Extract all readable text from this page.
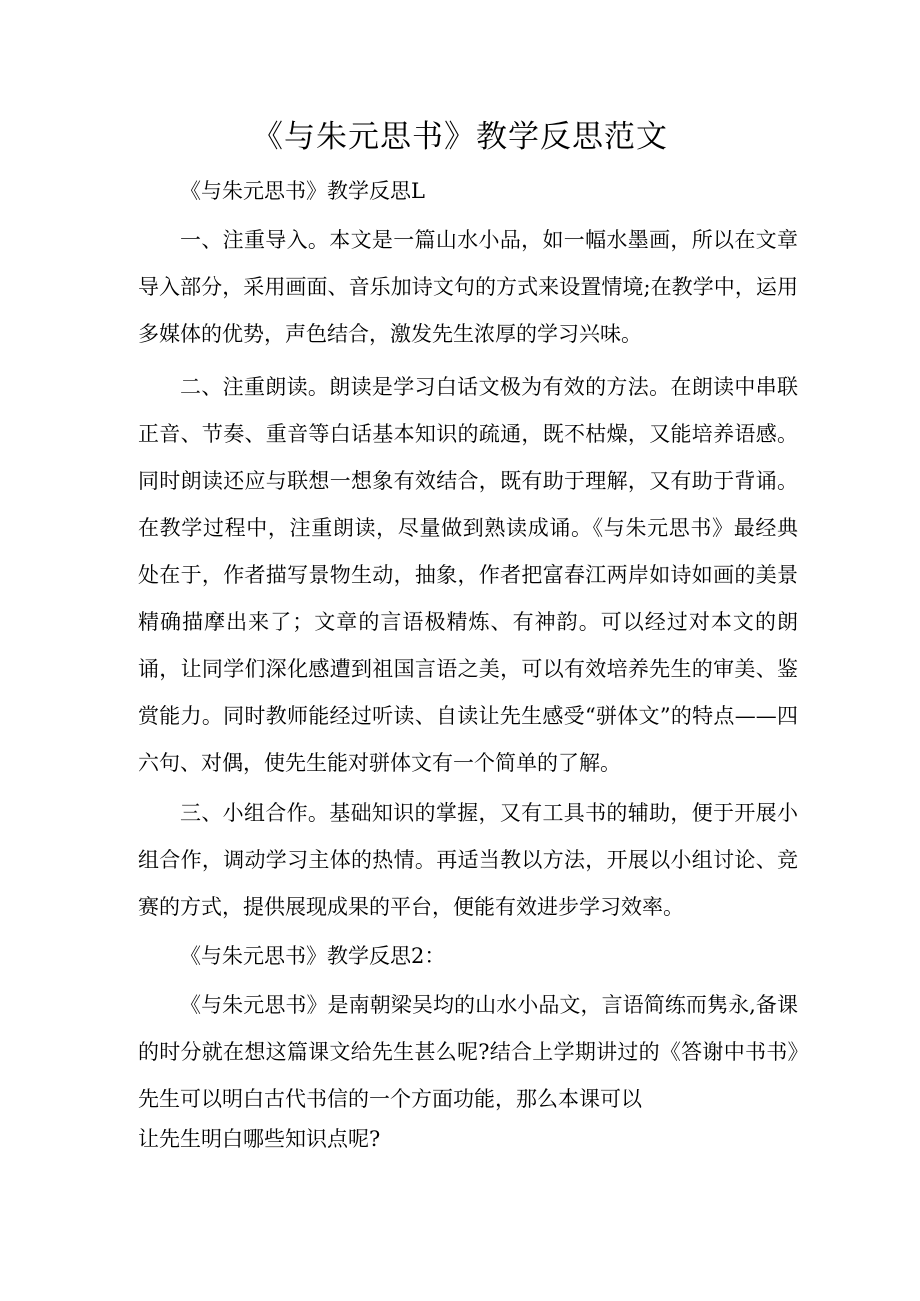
《与朱元思书》教学反思范文

《与朱元思书》教学反思L

一、注重导入。本文是一篇山水小品，如一幅水墨画，所以在文章导入部分，采用画面、音乐加诗文句的方式来设置情境;在教学中，运用多媒体的优势，声色结合，激发先生浓厚的学习兴味。

二、注重朗读。朗读是学习白话文极为有效的方法。在朗读中串联正音、节奏、重音等白话基本知识的疏通，既不枯燥，又能培养语感。同时朗读还应与联想一想象有效结合，既有助于理解，又有助于背诵。在教学过程中，注重朗读，尽量做到熟读成诵。《与朱元思书》最经典处在于，作者描写景物生动，抽象，作者把富春江两岸如诗如画的美景精确描摩出来了；文章的言语极精炼、有神韵。可以经过对本文的朗诵，让同学们深化感遭到祖国言语之美，可以有效培养先生的审美、鉴赏能力。同时教师能经过听读、自读让先生感受“骈体文”的特点——四六句、对偶，使先生能对骈体文有一个简单的了解。

三、小组合作。基础知识的掌握，又有工具书的辅助，便于开展小组合作，调动学习主体的热情。再适当教以方法，开展以小组讨论、竞赛的方式，提供展现成果的平台，便能有效进步学习效率。

《与朱元思书》教学反思2：

《与朱元思书》是南朝梁吴均的山水小品文，言语简练而隽永,备课的时分就在想这篇课文给先生甚么呢?结合上学期讲过的《答谢中书书》先生可以明白古代书信的一个方面功能，那么本课可以
让先生明白哪些知识点呢?
